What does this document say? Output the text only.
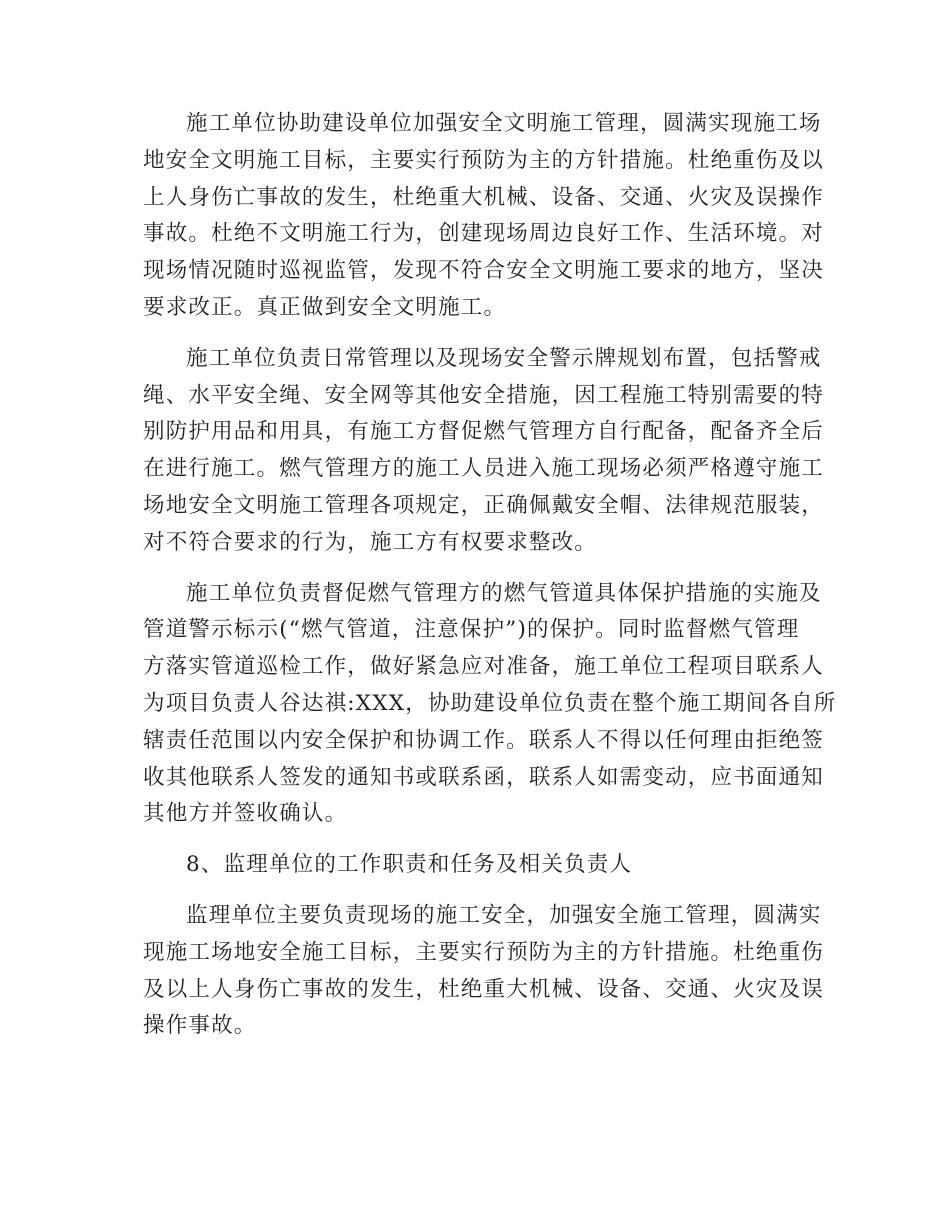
施工单位协助建设单位加强安全文明施工管理，圆满实现施工场
地安全文明施工目标，主要实行预防为主的方针措施。杜绝重伤及以
上人身伤亡事故的发生，杜绝重大机械、设备、交通、火灾及误操作
事故。杜绝不文明施工行为，创建现场周边良好工作、生活环境。对
现场情况随时巡视监管，发现不符合安全文明施工要求的地方，坚决
要求改正。真正做到安全文明施工。
施工单位负责日常管理以及现场安全警示牌规划布置，包括警戒
绳、水平安全绳、安全网等其他安全措施，因工程施工特别需要的特
别防护用品和用具，有施工方督促燃气管理方自行配备，配备齐全后
在进行施工。燃气管理方的施工人员进入施工现场必须严格遵守施工
场地安全文明施工管理各项规定，正确佩戴安全帽、法律规范服装，
对不符合要求的行为，施工方有权要求整改。
施工单位负责督促燃气管理方的燃气管道具体保护措施的实施及
管道警示标示(“燃气管道，注意保护”)的保护。同时监督燃气管理
方落实管道巡检工作，做好紧急应对准备，施工单位工程项目联系人
为项目负责人谷达祺:XXX，协助建设单位负责在整个施工期间各自所
辖责任范围以内安全保护和协调工作。联系人不得以任何理由拒绝签
收其他联系人签发的通知书或联系函，联系人如需变动，应书面通知
其他方并签收确认。
8、监理单位的工作职责和任务及相关负责人
监理单位主要负责现场的施工安全，加强安全施工管理，圆满实
现施工场地安全施工目标，主要实行预防为主的方针措施。杜绝重伤
及以上人身伤亡事故的发生，杜绝重大机械、设备、交通、火灾及误
操作事故。
